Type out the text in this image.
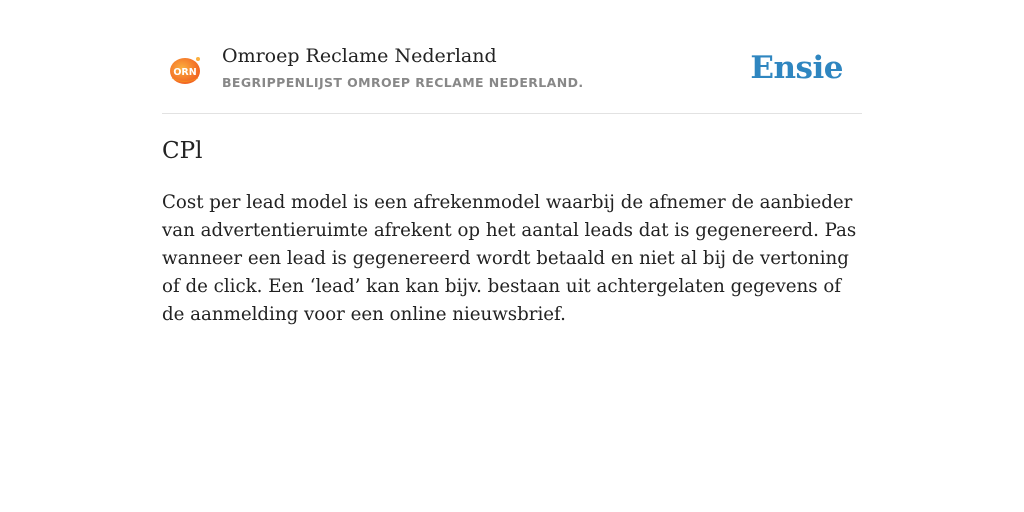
ORN
Omroep Reclame Nederland
BEGRIPPENLIJST OMROEP RECLAME NEDERLAND.	Ensie
CPl

Cost per lead model is een afrekenmodel waarbij de afnemer de aanbieder van advertentieruimte afrekent op het aantal leads dat is gegenereerd. Pas wanneer een lead is gegenereerd wordt betaald en niet al bij de vertoning of de click. Een ‘lead’ kan kan bijv. bestaan uit achtergelaten gegevens of de aanmelding voor een online nieuwsbrief.
